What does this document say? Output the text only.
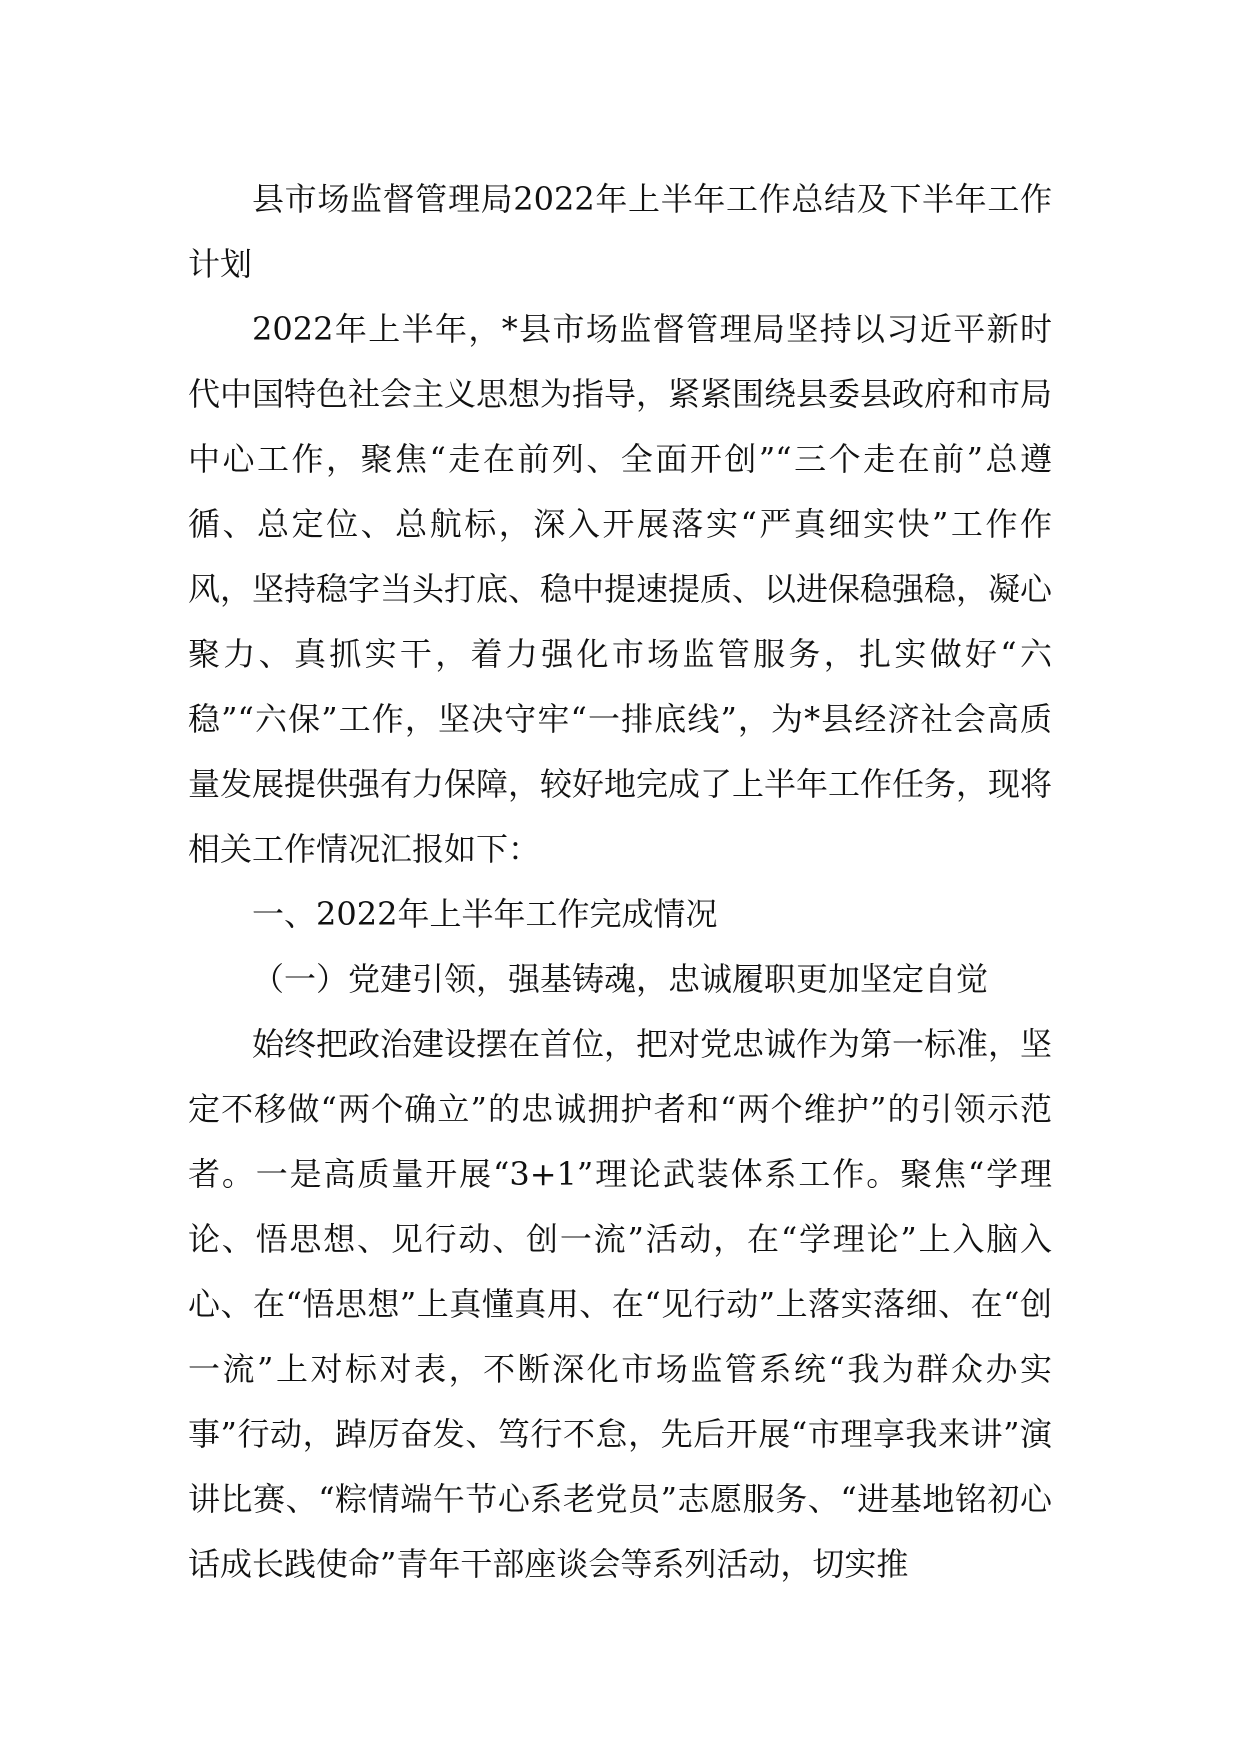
县市场监督管理局2022年上半年工作总结及下半年工作计划

2022年上半年，*县市场监督管理局坚持以习近平新时代中国特色社会主义思想为指导，紧紧围绕县委县政府和市局中心工作，聚焦“走在前列、全面开创”“三个走在前”总遵循、总定位、总航标，深入开展落实“严真细实快”工作作风，坚持稳字当头打底、稳中提速提质、以进保稳强稳，凝心聚力、真抓实干，着力强化市场监管服务，扎实做好“六稳”“六保”工作，坚决守牢“一排底线”，为*县经济社会高质量发展提供强有力保障，较好地完成了上半年工作任务，现将相关工作情况汇报如下：

一、2022年上半年工作完成情况

（一）党建引领，强基铸魂，忠诚履职更加坚定自觉

始终把政治建设摆在首位，把对党忠诚作为第一标准，坚定不移做“两个确立”的忠诚拥护者和“两个维护”的引领示范者。一是高质量开展“3+1”理论武装体系工作。聚焦“学理论、悟思想、见行动、创一流”活动，在“学理论”上入脑入心、在“悟思想”上真懂真用、在“见行动”上落实落细、在“创一流”上对标对表，不断深化市场监管系统“我为群众办实事”行动，踔厉奋发、笃行不怠，先后开展“市理享我来讲”演讲比赛、“粽情端午节心系老党员”志愿服务、“进基地铭初心话成长践使命”青年干部座谈会等系列活动，切实推
